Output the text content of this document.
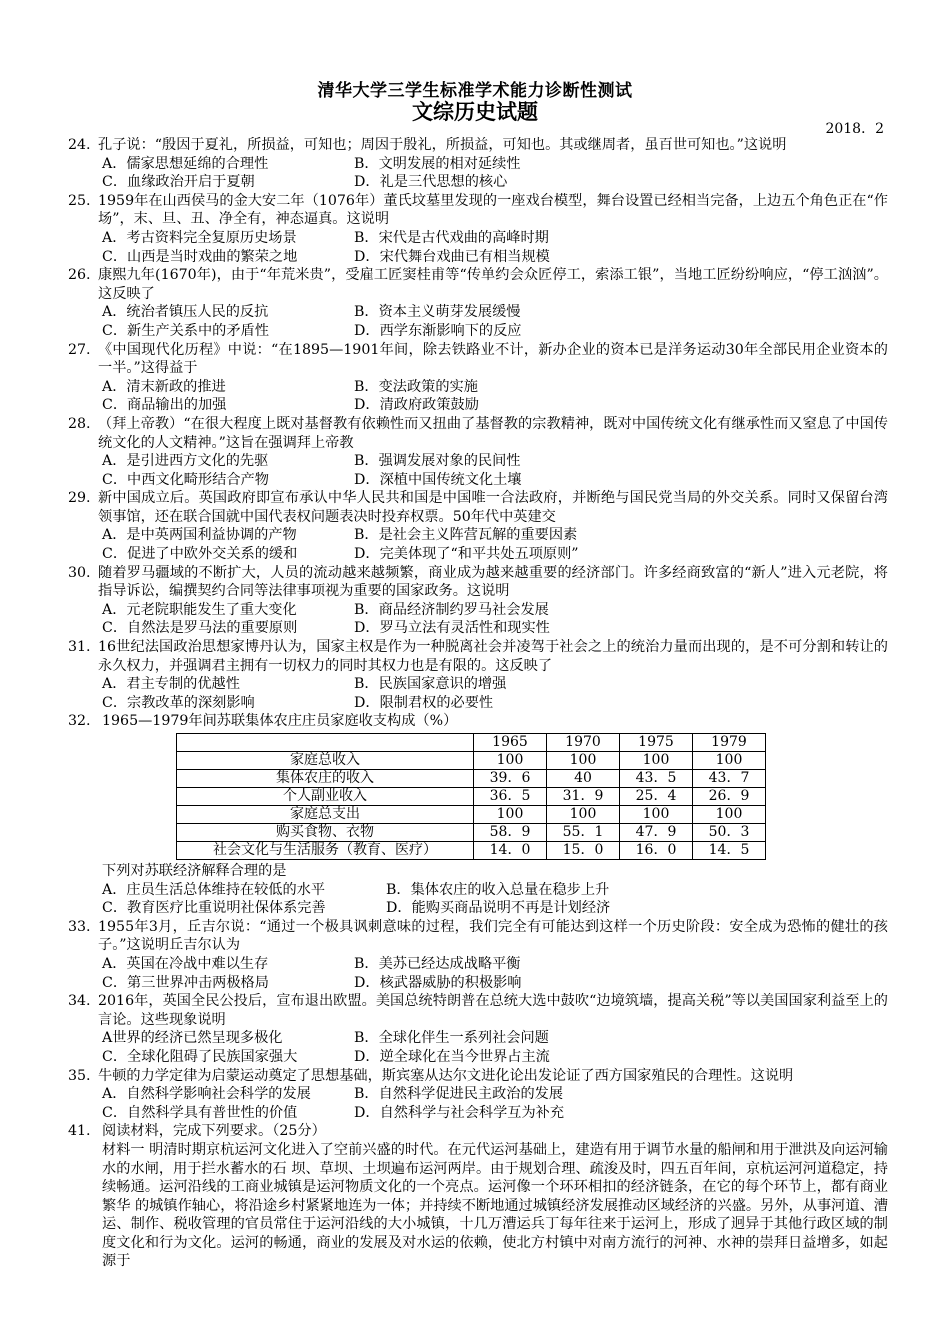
清华大学三学生标准学术能力诊断性测试
文综历史试题
2018．2
24. 孔子说：“殷因于夏礼，所损益，可知也；周因于殷礼，所损益，可知也。其或继周者，虽百世可知也。”这说明

A．儒家思想延绵的合理性	B．文明发展的相对延续性
C．血缘政治开启于夏朝	D．礼是三代思想的核心
25. 1959年在山西侯马的金大安二年（1076年）董氏坟墓里发现的一座戏台模型，舞台设置已经相当完备，上边五个角色正在“作场”，末、旦、丑、净全有，神态逼真。这说明

A．考古资料完全复原历史场景	B．宋代是古代戏曲的高峰时期
C．山西是当时戏曲的繁荣之地	D．宋代舞台戏曲已有相当规模
26. 康熙九年(1670年)，由于“年荒米贵”，受雇工匠窦桂甫等“传单约会众匠停工，索添工银”，当地工匠纷纷响应，“停工汹汹”。这反映了

A．统治者镇压人民的反抗	B．资本主义萌芽发展缓慢
C．新生产关系中的矛盾性	D．西学东渐影响下的反应
27. 《中国现代化历程》中说：“在1895—1901年间，除去铁路业不计，新办企业的资本已是洋务运动30年全部民用企业资本的一半。”这得益于

A．清末新政的推进	B．变法政策的实施
C．商品输出的加强	D．清政府政策鼓励
28. （拜上帝教）“在很大程度上既对基督教有依赖性而又扭曲了基督教的宗教精神，既对中国传统文化有继承性而又窒息了中国传统文化的人文精神。”这旨在强调拜上帝教

A．是引进西方文化的先驱	B．强调发展对象的民间性
C．中西文化畸形结合产物	D．深植中国传统文化土壤
29. 新中国成立后。英国政府即宣布承认中华人民共和国是中国唯一合法政府，并断绝与国民党当局的外交关系。同时又保留台湾领事馆，还在联合国就中国代表权问题表决时投弃权票。50年代中英建交

A．是中英两国利益协调的产物	B．是社会主义阵营瓦解的重要因素
C．促进了中欧外交关系的缓和	D．完美体现了“和平共处五项原则”
30. 随着罗马疆域的不断扩大，人员的流动越来越频繁，商业成为越来越重要的经济部门。许多经商致富的“新人”进入元老院，将指导诉讼，编撰契约合同等法律事项视为重要的国家政务。这说明

A．元老院职能发生了重大变化	B．商品经济制约罗马社会发展
C．自然法是罗马法的重要原则	D．罗马立法有灵活性和现实性
31. 16世纪法国政治思想家博丹认为，国家主权是作为一种脱离社会并凌驾于社会之上的统治力量而出现的，是不可分割和转让的永久权力，并强调君主拥有一切权力的同时其权力也是有限的。这反映了

A．君主专制的优越性	B．民族国家意识的增强
C．宗教改革的深刻影响	D．限制君权的必要性
32. 1965—1979年间苏联集体农庄庄员家庭收支构成（%）

	1965	1970	1975	1979
家庭总收入	100	100	100	100
集体农庄的收入	39．6	40	43．5	43．7
个人副业收入	36．5	31．9	25．4	26．9
家庭总支出	100	100	100	100
购买食物、衣物	58．9	55．1	47．9	50．3
社会文化与生活服务（教育、医疗）	14．0	15．0	16．0	14．5

下列对苏联经济解释合理的是

A．庄员生活总体维持在较低的水平	B．集体农庄的收入总量在稳步上升
C．教育医疗比重说明社保体系完善	D．能购买商品说明不再是计划经济
33. 1955年3月，丘吉尔说：“通过一个极具讽刺意味的过程，我们完全有可能达到这样一个历史阶段：安全成为恐怖的健壮的孩子。”这说明丘吉尔认为

A．英国在冷战中难以生存	B．美苏已经达成战略平衡
C．第三世界冲击两极格局	D．核武器威胁的积极影响
34. 2016年，英国全民公投后，宣布退出欧盟。美国总统特朗普在总统大选中鼓吹“边境筑墙，提高关税”等以美国国家利益至上的言论。这些现象说明

A世界的经济已然呈现多极化	B．全球化伴生一系列社会问题
C．全球化阻碍了民族国家强大	D．逆全球化在当今世界占主流
35. 牛顿的力学定律为启蒙运动奠定了思想基础，斯宾塞从达尔文进化论出发论证了西方国家殖民的合理性。这说明

A．自然科学影响社会科学的发展	B．自然科学促进民主政治的发展
C．自然科学具有普世性的价值	D．自然科学与社会科学互为补充
41. 阅读材料，完成下列要求。（25分）

材料一 明清时期京杭运河文化进入了空前兴盛的时代。在元代运河基础上，建造有用于调节水量的船闸和用于泄洪及向运河输水的水闸，用于拦水蓄水的石 坝、草坝、土坝遍布运河两岸。由于规划合理、疏浚及时，四五百年间，京杭运河河道稳定，持续畅通。运河沿线的工商业城镇是运河物质文化的一个亮点。运河像一个环环相扣的经济链条，在它的每个环节上，都有商业繁华 的城镇作轴心，将沿途乡村紧紧地连为一体；并持续不断地通过城镇经济发展推动区域经济的兴盛。另外，从事河道、漕运、制作、税收管理的官员常住于运河沿线的大小城镇，十几万漕运兵丁每年往来于运河上，形成了迥异于其他行政区域的制度文化和行为文化。运河的畅通，商业的发展及对水运的依赖，使北方村镇中对南方流行的河神、水神的崇拜日益增多，如起源于
